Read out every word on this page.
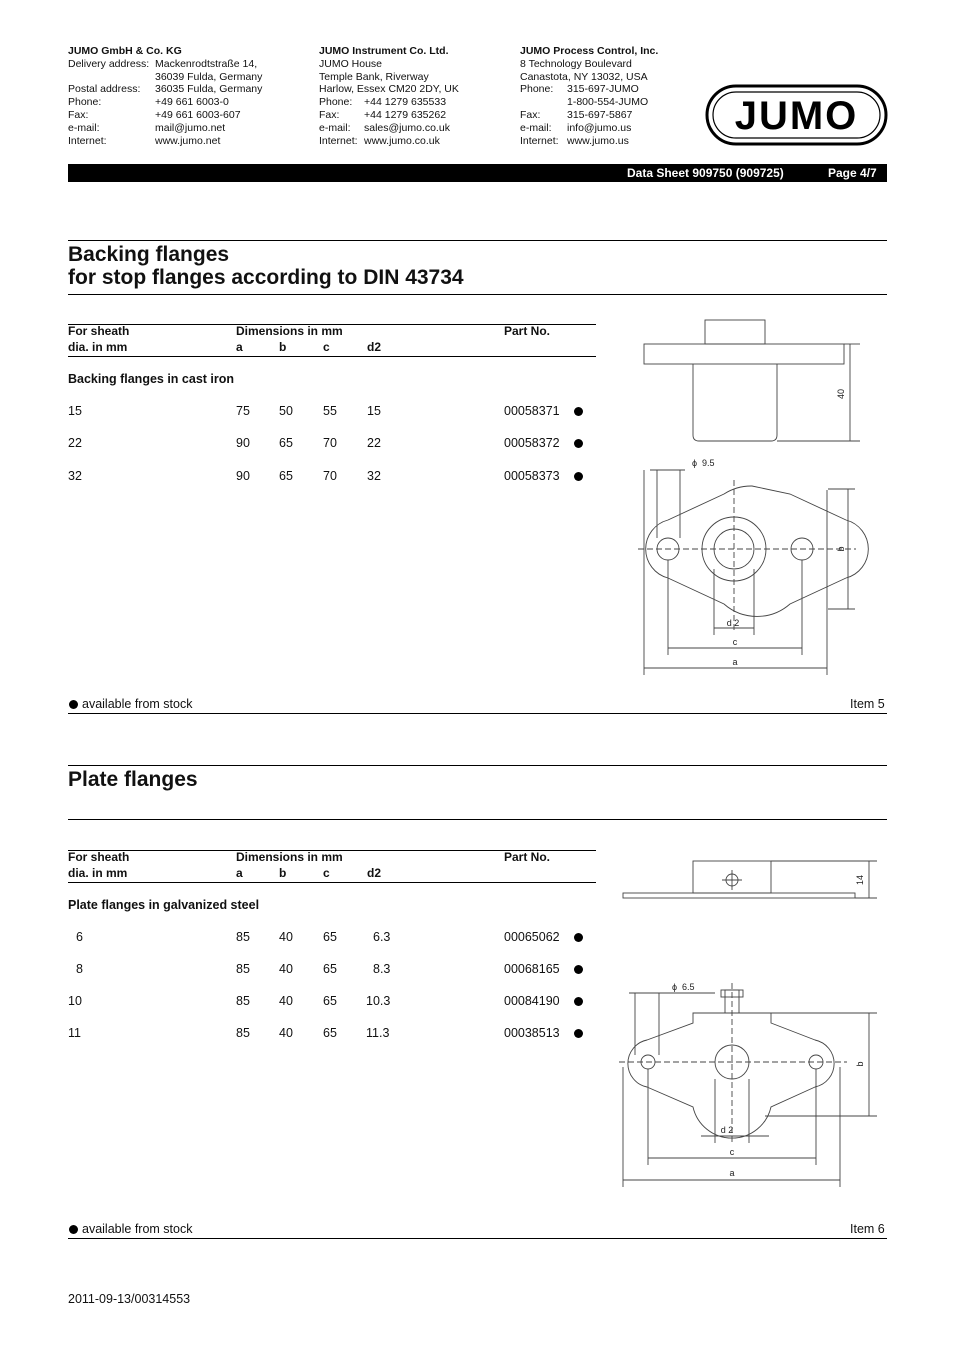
JUMO GmbH & Co. KG
Delivery address: Mackenrodtstraße 14,
36039 Fulda, Germany
Postal address:	36035 Fulda, Germany
Phone:	+49 661 6003-0
Fax:	+49 661 6003-607
e-mail:	mail@jumo.net
Internet:	www.jumo.net
JUMO Instrument Co. Ltd.
JUMO House
Temple Bank, Riverway
Harlow, Essex CM20 2DY, UK
Phone:	+44 1279 635533
Fax:	+44 1279 635262
e-mail:	sales@jumo.co.uk
Internet: www.jumo.co.uk
JUMO Process Control, Inc.
8 Technology Boulevard
Canastota, NY 13032, USA
Phone:	315-697-JUMO
1-800-554-JUMO
Fax:	315-697-5867
e-mail:	info@jumo.us
Internet: www.jumo.us
JUMO
Data Sheet 909750 (909725)	Page 4/7
Backing flanges
for stop flanges according to DIN 43734
For sheath
dia. in mm
Dimensions in mm
a	b	c	d2
Part No.
Backing flanges in cast iron
15	75 50 55 15	00058371
22	90 65 70 22	00058372
32	90 65 70 32	00058373
40
ϕ 9.5
b
d 2
c
a
available from stock	Item 5
Plate flanges
For sheath
dia. in mm
Dimensions in mm
a	b	c	d2
Part No.
Plate flanges in galvanized steel
6	85 40 65	6.3	00065062
8	85 40 65	8.3	00068165
10	85 40 65 10.3	00084190
11	85 40 65 11.3	00038513
14
ϕ 6.5
b
d 2
c
a
available from stock	Item 6
2011-09-13/00314553
